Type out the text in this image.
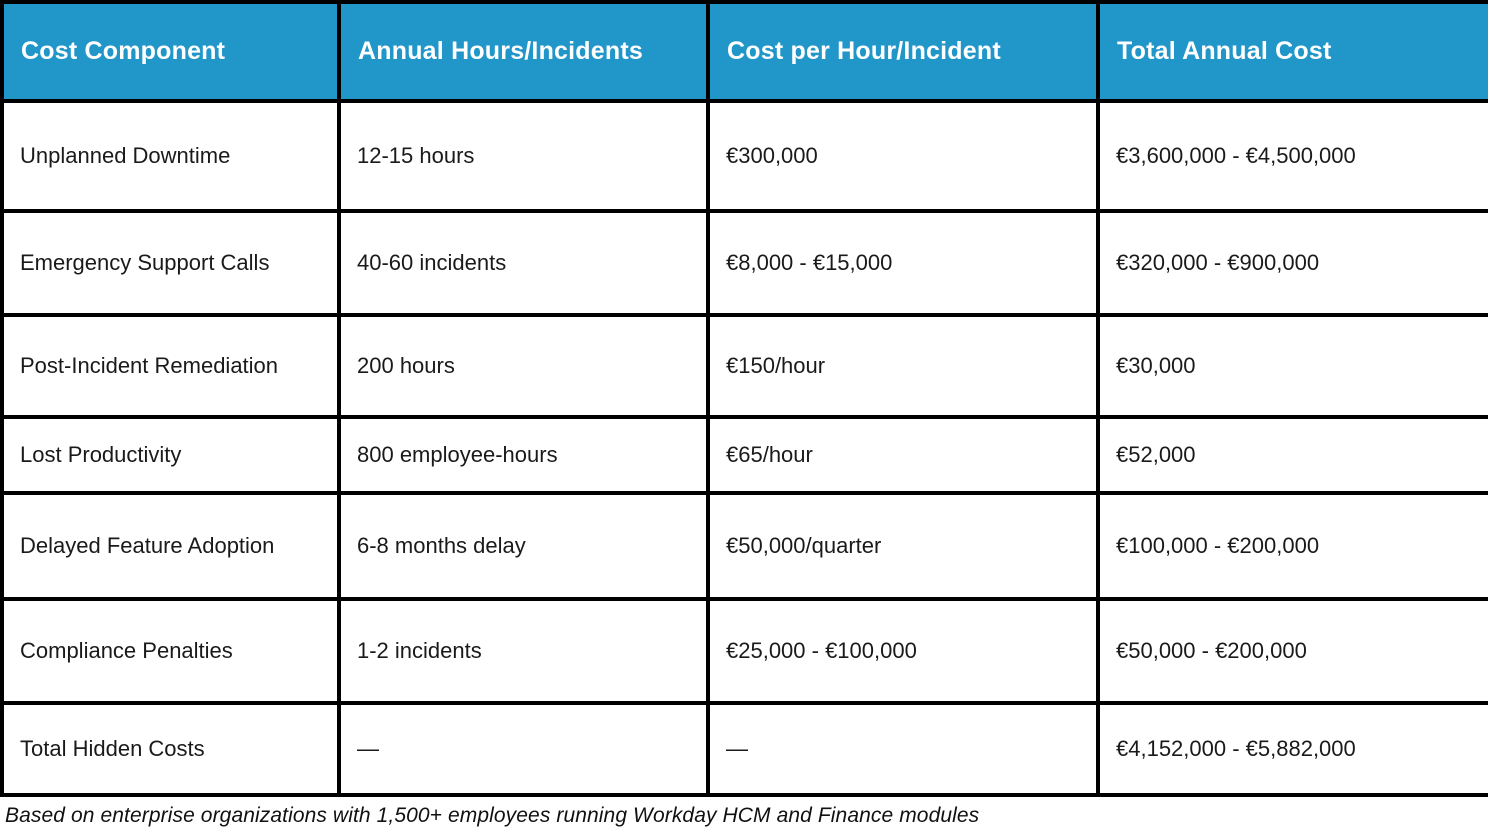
Cost Component	Annual Hours/Incidents	Cost per Hour/Incident	Total Annual Cost
Unplanned Downtime	12-15 hours	€300,000	€3,600,000 - €4,500,000
Emergency Support Calls	40-60 incidents	€8,000 - €15,000	€320,000 - €900,000
Post-Incident Remediation	200 hours	€150/hour	€30,000
Lost Productivity	800 employee-hours	€65/hour	€52,000
Delayed Feature Adoption	6-8 months delay	€50,000/quarter	€100,000 - €200,000
Compliance Penalties	1-2 incidents	€25,000 - €100,000	€50,000 - €200,000
Total Hidden Costs	—	—	€4,152,000 - €5,882,000
Based on enterprise organizations with 1,500+ employees running Workday HCM and Finance modules
